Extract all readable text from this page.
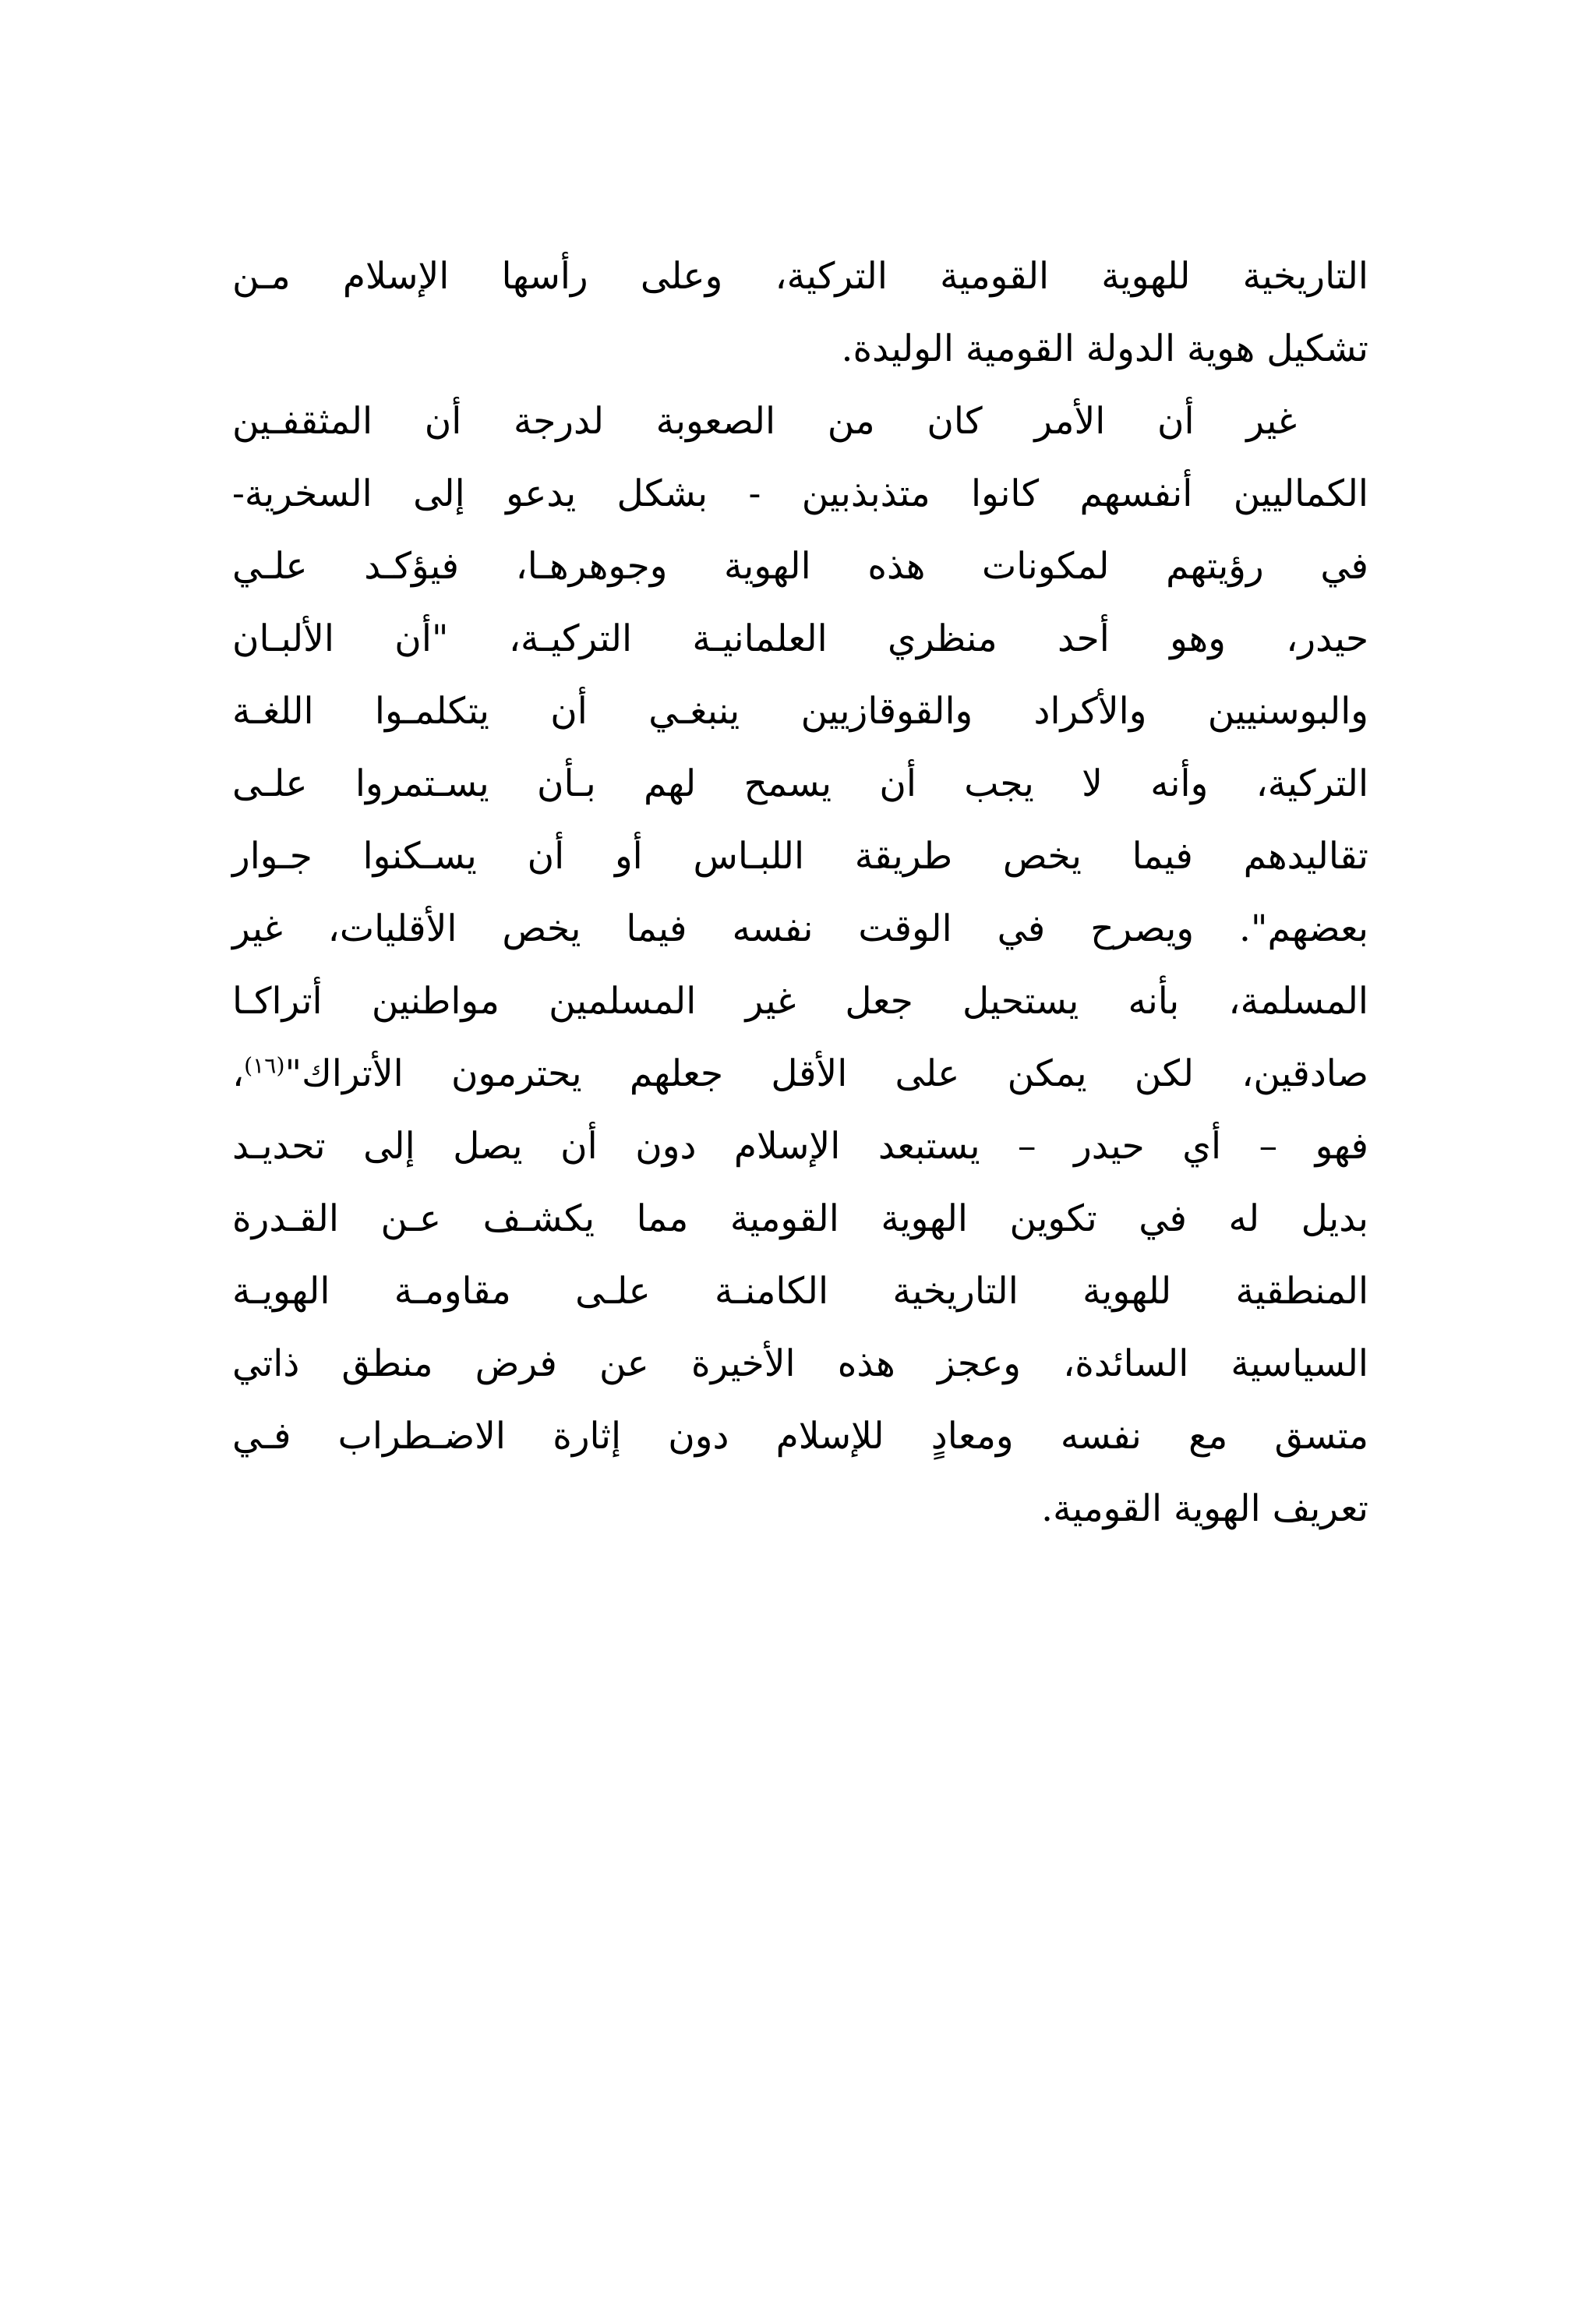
التاريخية للهوية القومية التركية، وعلى رأسها الإسلام مـن
تشكيل هوية الدولة القومية الوليدة.
غير أن الأمر كان من الصعوبة لدرجة أن المثقفـين
الكماليين أنفسهم كانوا متذبذبين - بشكل يدعو إلى السخرية-
في رؤيتهم لمكونات هذه الهوية وجوهرهـا، فيؤكـد علـي
حيدر، وهو أحد منظري العلمانيـة التركيـة، "أن الألبـان
والبوسنيين والأكراد والقوقازيين ينبغـي أن يتكلمـوا اللغـة
التركية، وأنه لا يجب أن يسمح لهم بـأن يسـتمروا علـى
تقاليدهم فيما يخص طريقة اللبـاس أو أن يسـكنوا جـوار
بعضهم". ويصرح في الوقت نفسه فيما يخص الأقليات، غير
المسلمة، بأنه يستحيل جعل غير المسلمين مواطنين أتراكـا
صادقين، لكن يمكن على الأقل جعلهم يحترمون الأتراك"$^{(١٦)}$،
فهو – أي حيدر – يستبعد الإسلام دون أن يصل إلى تحديـد
بديل له في تكوين الهوية القومية مما يكشـف عـن القـدرة
المنطقية للهوية التاريخية الكامنـة علـى مقاومـة الهويـة
السياسية السائدة، وعجز هذه الأخيرة عن فرض منطق ذاتي
متسق مع نفسه ومعادٍ للإسلام دون إثارة الاضـطراب فـي
تعريف الهوية القومية.
